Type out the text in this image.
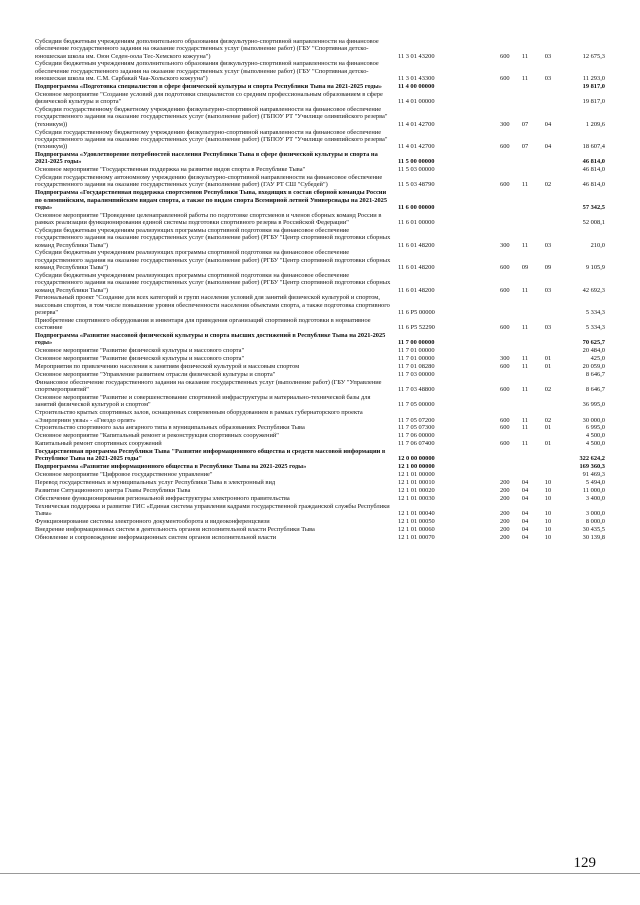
Субсидии бюджетным учреждениям дополнительного образования физкультурно-спортивной направленности на финансовое обеспечение государственного задания на оказание государственных услуг (выполнение работ) (ГБУ "Спортивная детско-юношеская школа им. Оюн Седен-оола Тес-Хемского кожууна")	11 3 01 43200	600	11	03	12 675,3
Субсидии бюджетным учреждениям дополнительного образования физкультурно-спортивной направленности на финансовое обеспечение государственного задания на оказание государственных услуг (выполнение работ) (ГБУ "Спортивная детско-юношеская школа им. С.М. Сарбакай Чаа-Хольского кожууна")	11 3 01 43300	600	11	03	11 293,0
Подпрограмма «Подготовка специалистов в сфере физической культуры и спорта Республики Тыва на 2021-2025 годы»	11 4 00 00000	19 817,0
Основное мероприятие "Создание условий для подготовки специалистов со средним профессиональным образованием в сфере физической культуры и спорта"	11 4 01 00000	19 817,0
Субсидии государственному бюджетному учреждению физкультурно-спортивной направленности на финансовое обеспечение государственного задания на оказание государственных услуг (выполнение работ) (ГБПОУ РТ "Училище олимпийского резерва" (техникум))	11 4 01 42700	300	07	04	1 209,6
Субсидии государственному бюджетному учреждению физкультурно-спортивной направленности на финансовое обеспечение государственного задания на оказание государственных услуг (выполнение работ) (ГБПОУ РТ "Училище олимпийского резерва" (техникум))	11 4 01 42700	600	07	04	18 607,4
Подпрограмма «Удовлетворение потребностей населения Республики Тыва в сфере физической культуры и спорта на 2021-2025 годы»	11 5 00 00000	46 814,0
Основное мероприятие "Государственная поддержка на развитие видов спорта в Республике Тыва"	11 5 03 00000	46 814,0
Субсидии государственному автономному учреждению физкультурно-спортивной направленности на финансовое обеспечение государственного задания на оказание государственных услуг (выполнение работ) (ГАУ РТ СШ "Субедей")	11 5 03 48790	600	11	02	46 814,0
Подпрограмма «Государственная поддержка спортсменов Республики Тыва, входящих в состав сборной команды России по олимпийским, паралимпийским видам спорта, а также по видам спорта Всемирной летней Универсиады на 2021-2025 годы»	11 6 00 00000	57 342,5
Основное мероприятие "Проведение целенаправленной работы по подготовке спортсменов и членов сборных команд России в рамках реализации функционирования единой системы подготовки спортивного резерва в Российской Федерации"	11 6 01 00000	52 008,1
Субсидии бюджетным учреждениям реализующих программы спортивной подготовки на финансовое обеспечение государственного задания на оказание государственных услуг (выполнение работ) (РГБУ "Центр спортивной подготовки сборных команд Республики Тыва")	11 6 01 48200	300	11	03	210,0
Субсидии бюджетным учреждениям реализующих программы спортивной подготовки на финансовое обеспечение государственного задания на оказание государственных услуг (выполнение работ) (РГБУ "Центр спортивной подготовки сборных команд Республики Тыва")	11 6 01 48200	600	09	09	9 105,9
Субсидии бюджетным учреждениям реализующих программы спортивной подготовки на финансовое обеспечение государственного задания на оказание государственных услуг (выполнение работ) (РГБУ "Центр спортивной подготовки сборных команд Республики Тыва")	11 6 01 48200	600	11	03	42 692,3
Региональный проект "Создание для всех категорий и групп населения условий для занятий физической культурой и спортом, массовым спортом, в том числе повышение уровня обеспеченности населения объектами спорта, а также подготовка спортивного резерва"	11 6 P5 00000	5 334,3
Приобретение спортивного оборудования и инвентаря для приведения организаций спортивной подготовки в нормативное состояние	11 6 P5 52290	600	11	03	5 334,3
Подпрограмма «Развитие массовой физической культуры и спорта высших достижений в Республике Тыва на 2021-2025 годы»	11 7 00 00000	70 625,7
Основное мероприятие "Развитие физической культуры и массового спорта"	11 7 01 00000	20 484,0
Основное мероприятие "Развитие физической культуры и массового спорта"	11 7 01 00000	300	11	01	425,0
Мероприятия по привлечению населения к занятиям физической культурой и массовым спортом	11 7 01 08280	600	11	01	20 059,0
Основное мероприятие "Управление развитием отрасли физической культуры и спорта"	11 7 03 00000	8 646,7
Финансовое обеспечение государственного задания на оказание государственных услуг (выполнение работ) (ГБУ "Управление спортмероприятий"	11 7 03 48800	600	11	02	8 646,7
Основное мероприятие "Развитие и совершенствование спортивной инфраструктуры и материально-технической базы для занятий физической культурой и спортом"	11 7 05 00000	36 995,0
Строительство крытых спортивных залов, оснащенных современным оборудованием в рамках губернаторского проекта «Эзирлернин уязы» - «Гнездо орлят»	11 7 05 07200	600	11	02	30 000,0
Строительство спортивного зала ангарного типа в муниципальных образованиях Республики Тыва	11 7 05 07300	600	11	01	6 995,0
Основное мероприятие "Капитальный ремонт и реконструкция спортивных сооружений"	11 7 06 00000	4 500,0
Капитальный ремонт спортивных сооружений	11 7 06 07400	600	11	01	4 500,0
Государственная программа Республики Тыва "Развитие информационного общества и средств массовой информации в Республике Тыва на 2021-2025 годы"	12 0 00 00000	322 624,2
Подпрограмма «Развитие информационного общества в Республике Тыва на 2021-2025 годы»	12 1 00 00000	169 360,3
Основное мероприятие "Цифровое государственное управление"	12 1 01 00000	91 469,3
Перевод государственных и муниципальных услуг Республики Тыва в электронный вид	12 1 01 00010	200	04	10	5 494,0
Развитие Ситуационного центра Главы Республики Тыва	12 1 01 00020	200	04	10	11 000,0
Обеспечение функционирования региональной инфраструктуры электронного правительства	12 1 01 00030	200	04	10	3 400,0
Техническая поддержка и развитие ГИС «Единая система управления кадрами государственной гражданской службы Республики Тыва»	12 1 01 00040	200	04	10	3 000,0
Функционирование системы электронного документооборота и видеоконференцсвязи	12 1 01 00050	200	04	10	8 000,0
Внедрение информационных систем в деятельность органов исполнительной власти Республики Тыва	12 1 01 00060	200	04	10	30 435,5
Обновление и сопровождение информационных систем органов исполнительной власти	12 1 01 00070	200	04	10	30 139,8
129
